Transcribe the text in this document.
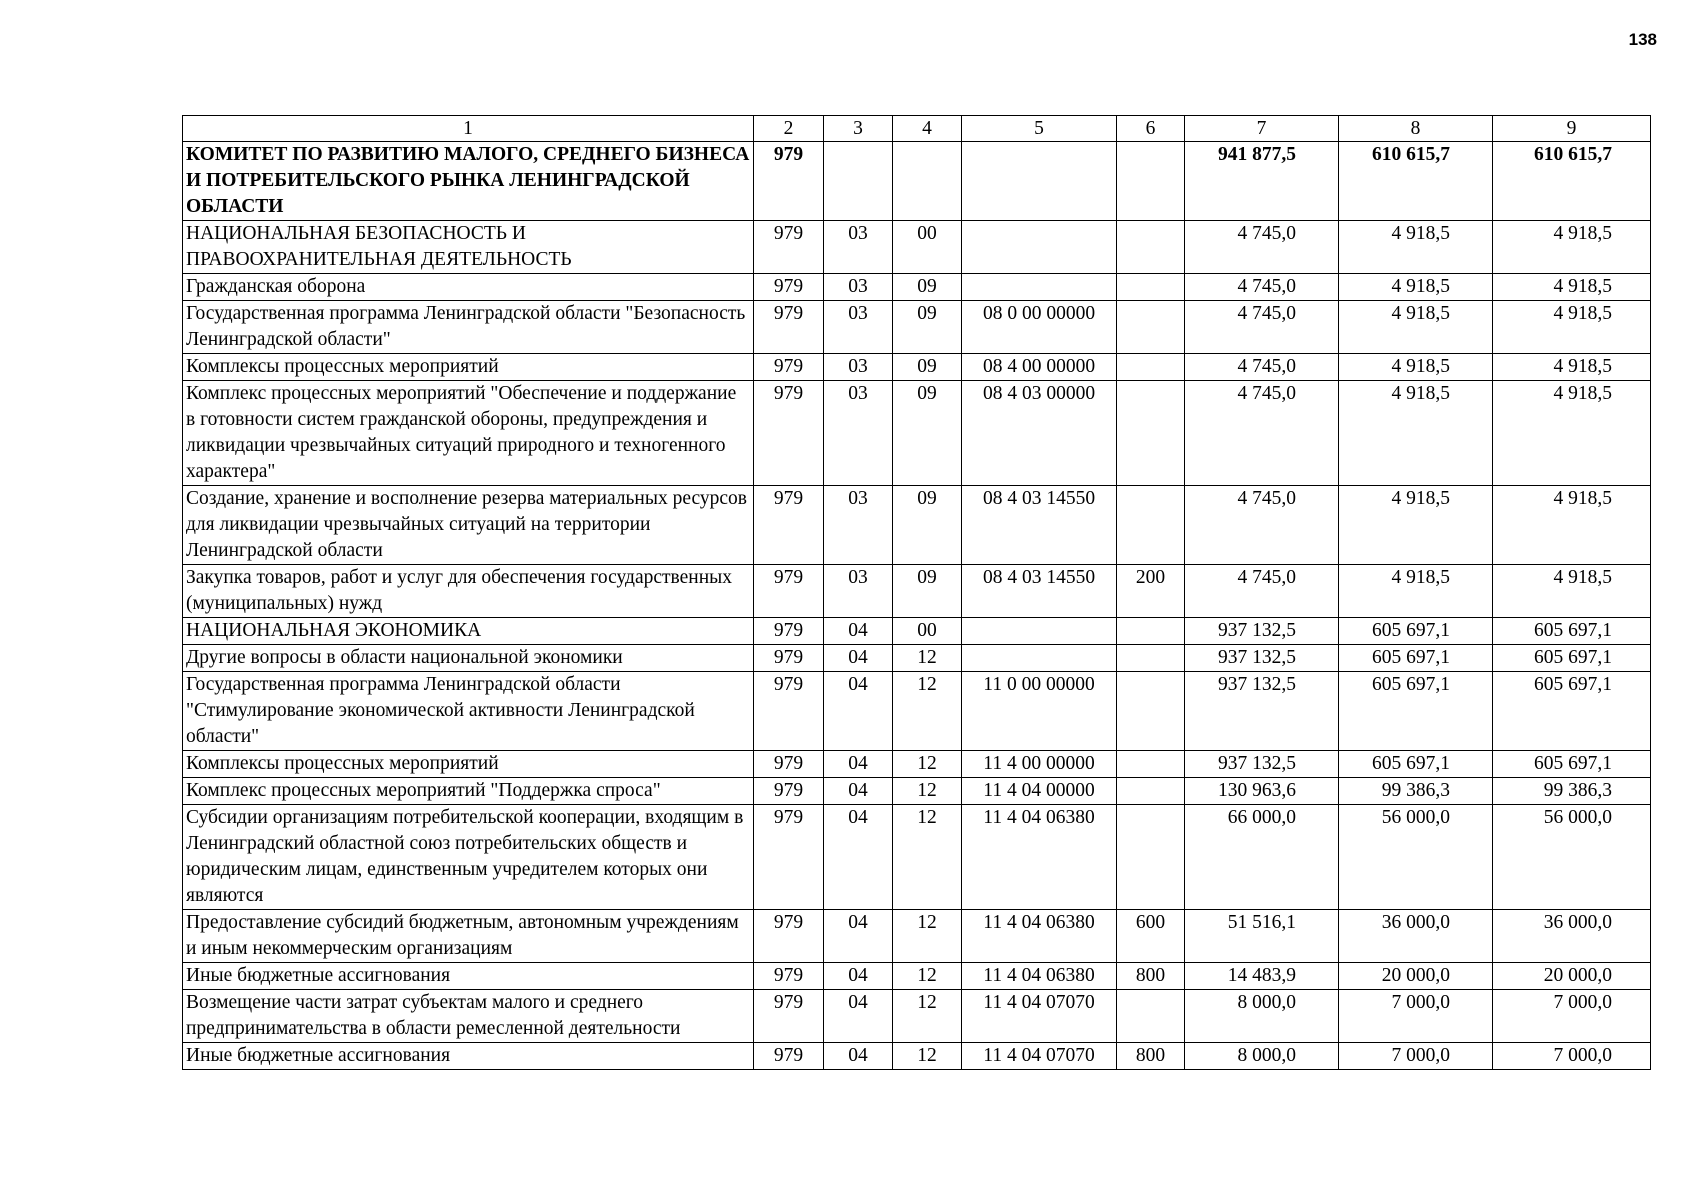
138
1	2	3	4	5	6	7	8	9
КОМИТЕТ ПО РАЗВИТИЮ МАЛОГО, СРЕДНЕГО БИЗНЕСА И ПОТРЕБИТЕЛЬСКОГО РЫНКА ЛЕНИНГРАДСКОЙ ОБЛАСТИ	979					941 877,5	610 615,7	610 615,7
НАЦИОНАЛЬНАЯ БЕЗОПАСНОСТЬ И ПРАВООХРАНИТЕЛЬНАЯ ДЕЯТЕЛЬНОСТЬ	979	03	00			4 745,0	4 918,5	4 918,5
Гражданская оборона	979	03	09			4 745,0	4 918,5	4 918,5
Государственная программа Ленинградской области "Безопасность Ленинградской области"	979	03	09	08 0 00 00000		4 745,0	4 918,5	4 918,5
Комплексы процессных мероприятий	979	03	09	08 4 00 00000		4 745,0	4 918,5	4 918,5
Комплекс процессных мероприятий "Обеспечение и поддержание в готовности систем гражданской обороны, предупреждения и ликвидации чрезвычайных ситуаций природного и техногенного характера"	979	03	09	08 4 03 00000		4 745,0	4 918,5	4 918,5
Создание, хранение и восполнение резерва материальных ресурсов для ликвидации чрезвычайных ситуаций на территории Ленинградской области	979	03	09	08 4 03 14550		4 745,0	4 918,5	4 918,5
Закупка товаров, работ и услуг для обеспечения государственных (муниципальных) нужд	979	03	09	08 4 03 14550	200	4 745,0	4 918,5	4 918,5
НАЦИОНАЛЬНАЯ ЭКОНОМИКА	979	04	00			937 132,5	605 697,1	605 697,1
Другие вопросы в области национальной экономики	979	04	12			937 132,5	605 697,1	605 697,1
Государственная программа Ленинградской области "Стимулирование экономической активности Ленинградской области"	979	04	12	11 0 00 00000		937 132,5	605 697,1	605 697,1
Комплексы процессных мероприятий	979	04	12	11 4 00 00000		937 132,5	605 697,1	605 697,1
Комплекс процессных мероприятий "Поддержка спроса"	979	04	12	11 4 04 00000		130 963,6	99 386,3	99 386,3
Субсидии организациям потребительской кооперации, входящим в Ленинградский областной союз потребительских обществ и юридическим лицам, единственным учредителем которых они являются	979	04	12	11 4 04 06380		66 000,0	56 000,0	56 000,0
Предоставление субсидий бюджетным, автономным учреждениям и иным некоммерческим организациям	979	04	12	11 4 04 06380	600	51 516,1	36 000,0	36 000,0
Иные бюджетные ассигнования	979	04	12	11 4 04 06380	800	14 483,9	20 000,0	20 000,0
Возмещение части затрат субъектам малого и среднего предпринимательства в области ремесленной деятельности	979	04	12	11 4 04 07070		8 000,0	7 000,0	7 000,0
Иные бюджетные ассигнования	979	04	12	11 4 04 07070	800	8 000,0	7 000,0	7 000,0
